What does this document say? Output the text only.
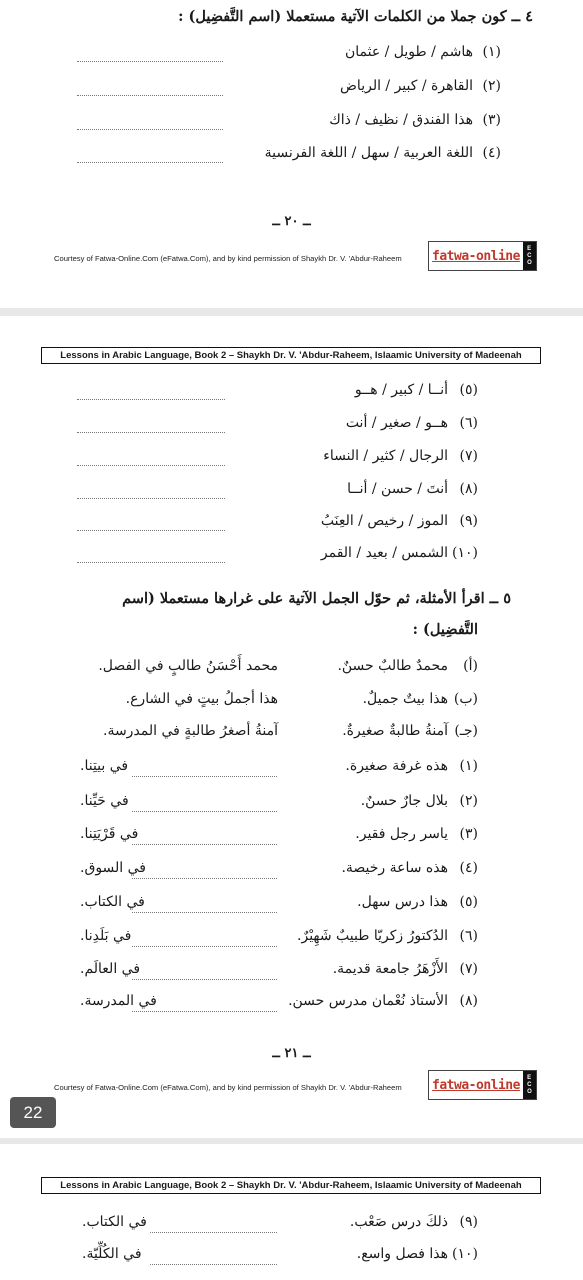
٤ ــ كون جملا من الكلمات الآتية مستعملا (اسم التَّفضِيل) :
هاشم / طويل / عثمان (١)
القاهرة / كبير / الرياض (٢)
هذا الفندق / نظيف / ذاك (٣)
اللغة العربية / سهل / اللغة الفرنسية (٤)
ــ ٢٠ ــ
Courtesy of Fatwa-Online.Com (eFatwa.Com), and by kind permission of Shaykh Dr. V. 'Abdur-Raheem fatwa-online	E
C
O
Lessons in Arabic Language, Book 2 – Shaykh Dr. V. 'Abdur-Raheem, Islaamic University of Madeenah
أنــا / كبير / هــو (٥)
هــو / صغير / أنت (٦)
الرجال / كثير / النساء (٧)
أنتَ / حسن / أنــا (٨)
الموز / رخيص / العِنَبُ (٩)
الشمس / بعيد / القمر (١٠)
٥ ــ اقرأ الأمثلة، ثم حوّل الجمل الآتية على غرارها مستعملا (اسم
التَّفضِيل) :
(أ)
محمدٌ طالبٌ حسنٌ.
محمد أَحْسَنُ طالبٍ في الفصل.
(ب)
هذا بيتٌ جميلٌ.
هذا أجملُ بيتٍ في الشارع.
(جـ)
آمنةُ طالبةٌ صغيرةٌ.
آمنةُ أصغرُ طالبةٍ في المدرسة.
(١)
هذه غرفة صغيرة.
في بيتِنا.
(٢)
بلال جارٌ حسنٌ.
في حَيِّنا.
(٣)
ياسر رجل فقير.
في قَرْيَتِنا.
(٤)
هذه ساعة رخيصة.
في السوق.
(٥)
هذا درس سهل.
في الكتاب.
(٦)
الدُكتورُ زكريّا طبيبٌ شَهِيْرٌ.
في بَلَدِنا.
(٧)
الأَزْهَرُ جامعة قديمة.
في العالَم.
(٨)
الأستاذ نُعْمان مدرس حسن.
في المدرسة.
ــ ٢١ ــ
Courtesy of Fatwa-Online.Com (eFatwa.Com), and by kind permission of Shaykh Dr. V. 'Abdur-Raheem fatwa-online	E
C
O
22
Lessons in Arabic Language, Book 2 – Shaykh Dr. V. 'Abdur-Raheem, Islaamic University of Madeenah
(٩)
ذلكَ درس صَعْب.
في الكتاب.
(١٠)
هذا فصل واسع.
في الكُلِّيّة.
